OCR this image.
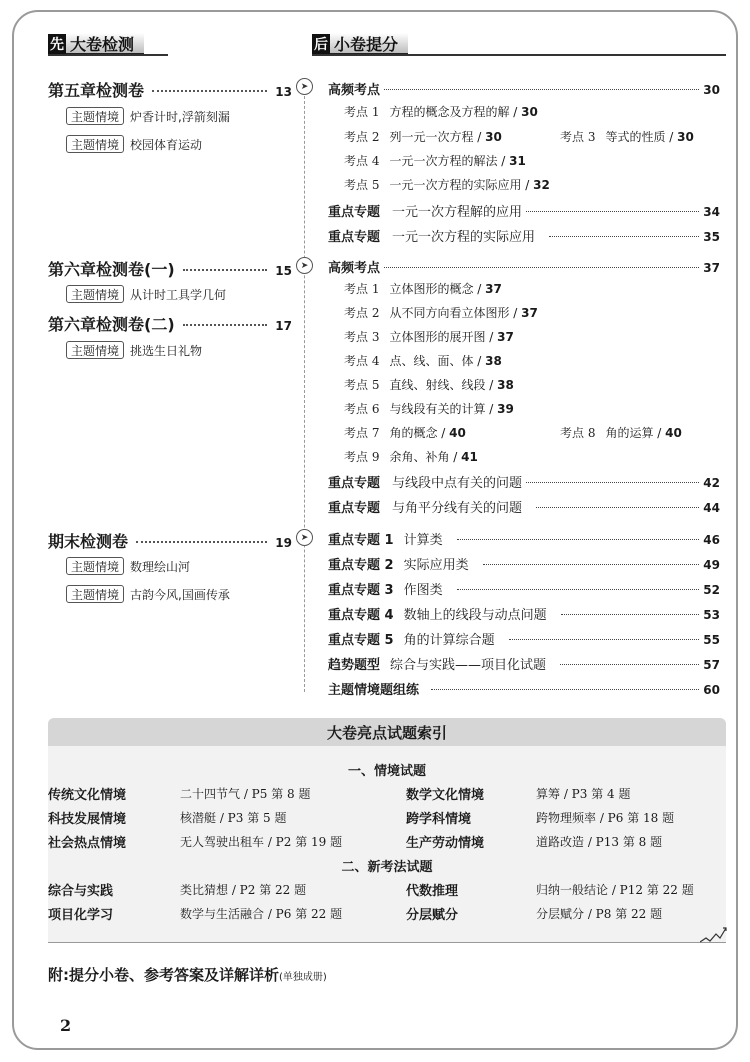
先 大卷检测	后 小卷提分
➤
➤
➤
第五章检测卷	13
主题情境 炉香计时,浮箭刻漏
主题情境 校园体育运动
第六章检测卷(一)	15
主题情境 从计时工具学几何
第六章检测卷(二)	17
主题情境 挑选生日礼物
期末检测卷	19
主题情境 数理绘山河
主题情境 古韵今风,国画传承
高频考点	30
考点 1 方程的概念及方程的解 / 30
考点 2 列一元一次方程 / 30	考点 3 等式的性质 / 30
考点 4 一元一次方程的解法 / 31
考点 5 一元一次方程的实际应用 / 32
重点专题 一元一次方程解的应用	34
重点专题 一元一次方程的实际应用	35
高频考点	37
考点 1 立体图形的概念 / 37
考点 2 从不同方向看立体图形 / 37
考点 3 立体图形的展开图 / 37
考点 4 点、线、面、体 / 38
考点 5 直线、射线、线段 / 38
考点 6 与线段有关的计算 / 39
考点 7 角的概念 / 40	考点 8 角的运算 / 40
考点 9 余角、补角 / 41
重点专题 与线段中点有关的问题	42
重点专题 与角平分线有关的问题	44
重点专题 1 计算类	46
重点专题 2 实际应用类	49
重点专题 3 作图类	52
重点专题 4 数轴上的线段与动点问题	53
重点专题 5 角的计算综合题	55
趋势题型 综合与实践——项目化试题	57
主题情境题组练	60
大卷亮点试题索引
一、情境试题
传统文化情境	二十四节气 / P5 第 8 题	数学文化情境	算筹 / P3 第 4 题
科技发展情境	核潜艇 / P3 第 5 题	跨学科情境	跨物理频率 / P6 第 18 题
社会热点情境	无人驾驶出租车 / P2 第 19 题	生产劳动情境	道路改造 / P13 第 8 题
二、新考法试题
综合与实践	类比猜想 / P2 第 22 题	代数推理	归纳一般结论 / P12 第 22 题
项目化学习	数学与生活融合 / P6 第 22 题	分层赋分	分层赋分 / P8 第 22 题
附:提分小卷、参考答案及详解详析(单独成册)
2
